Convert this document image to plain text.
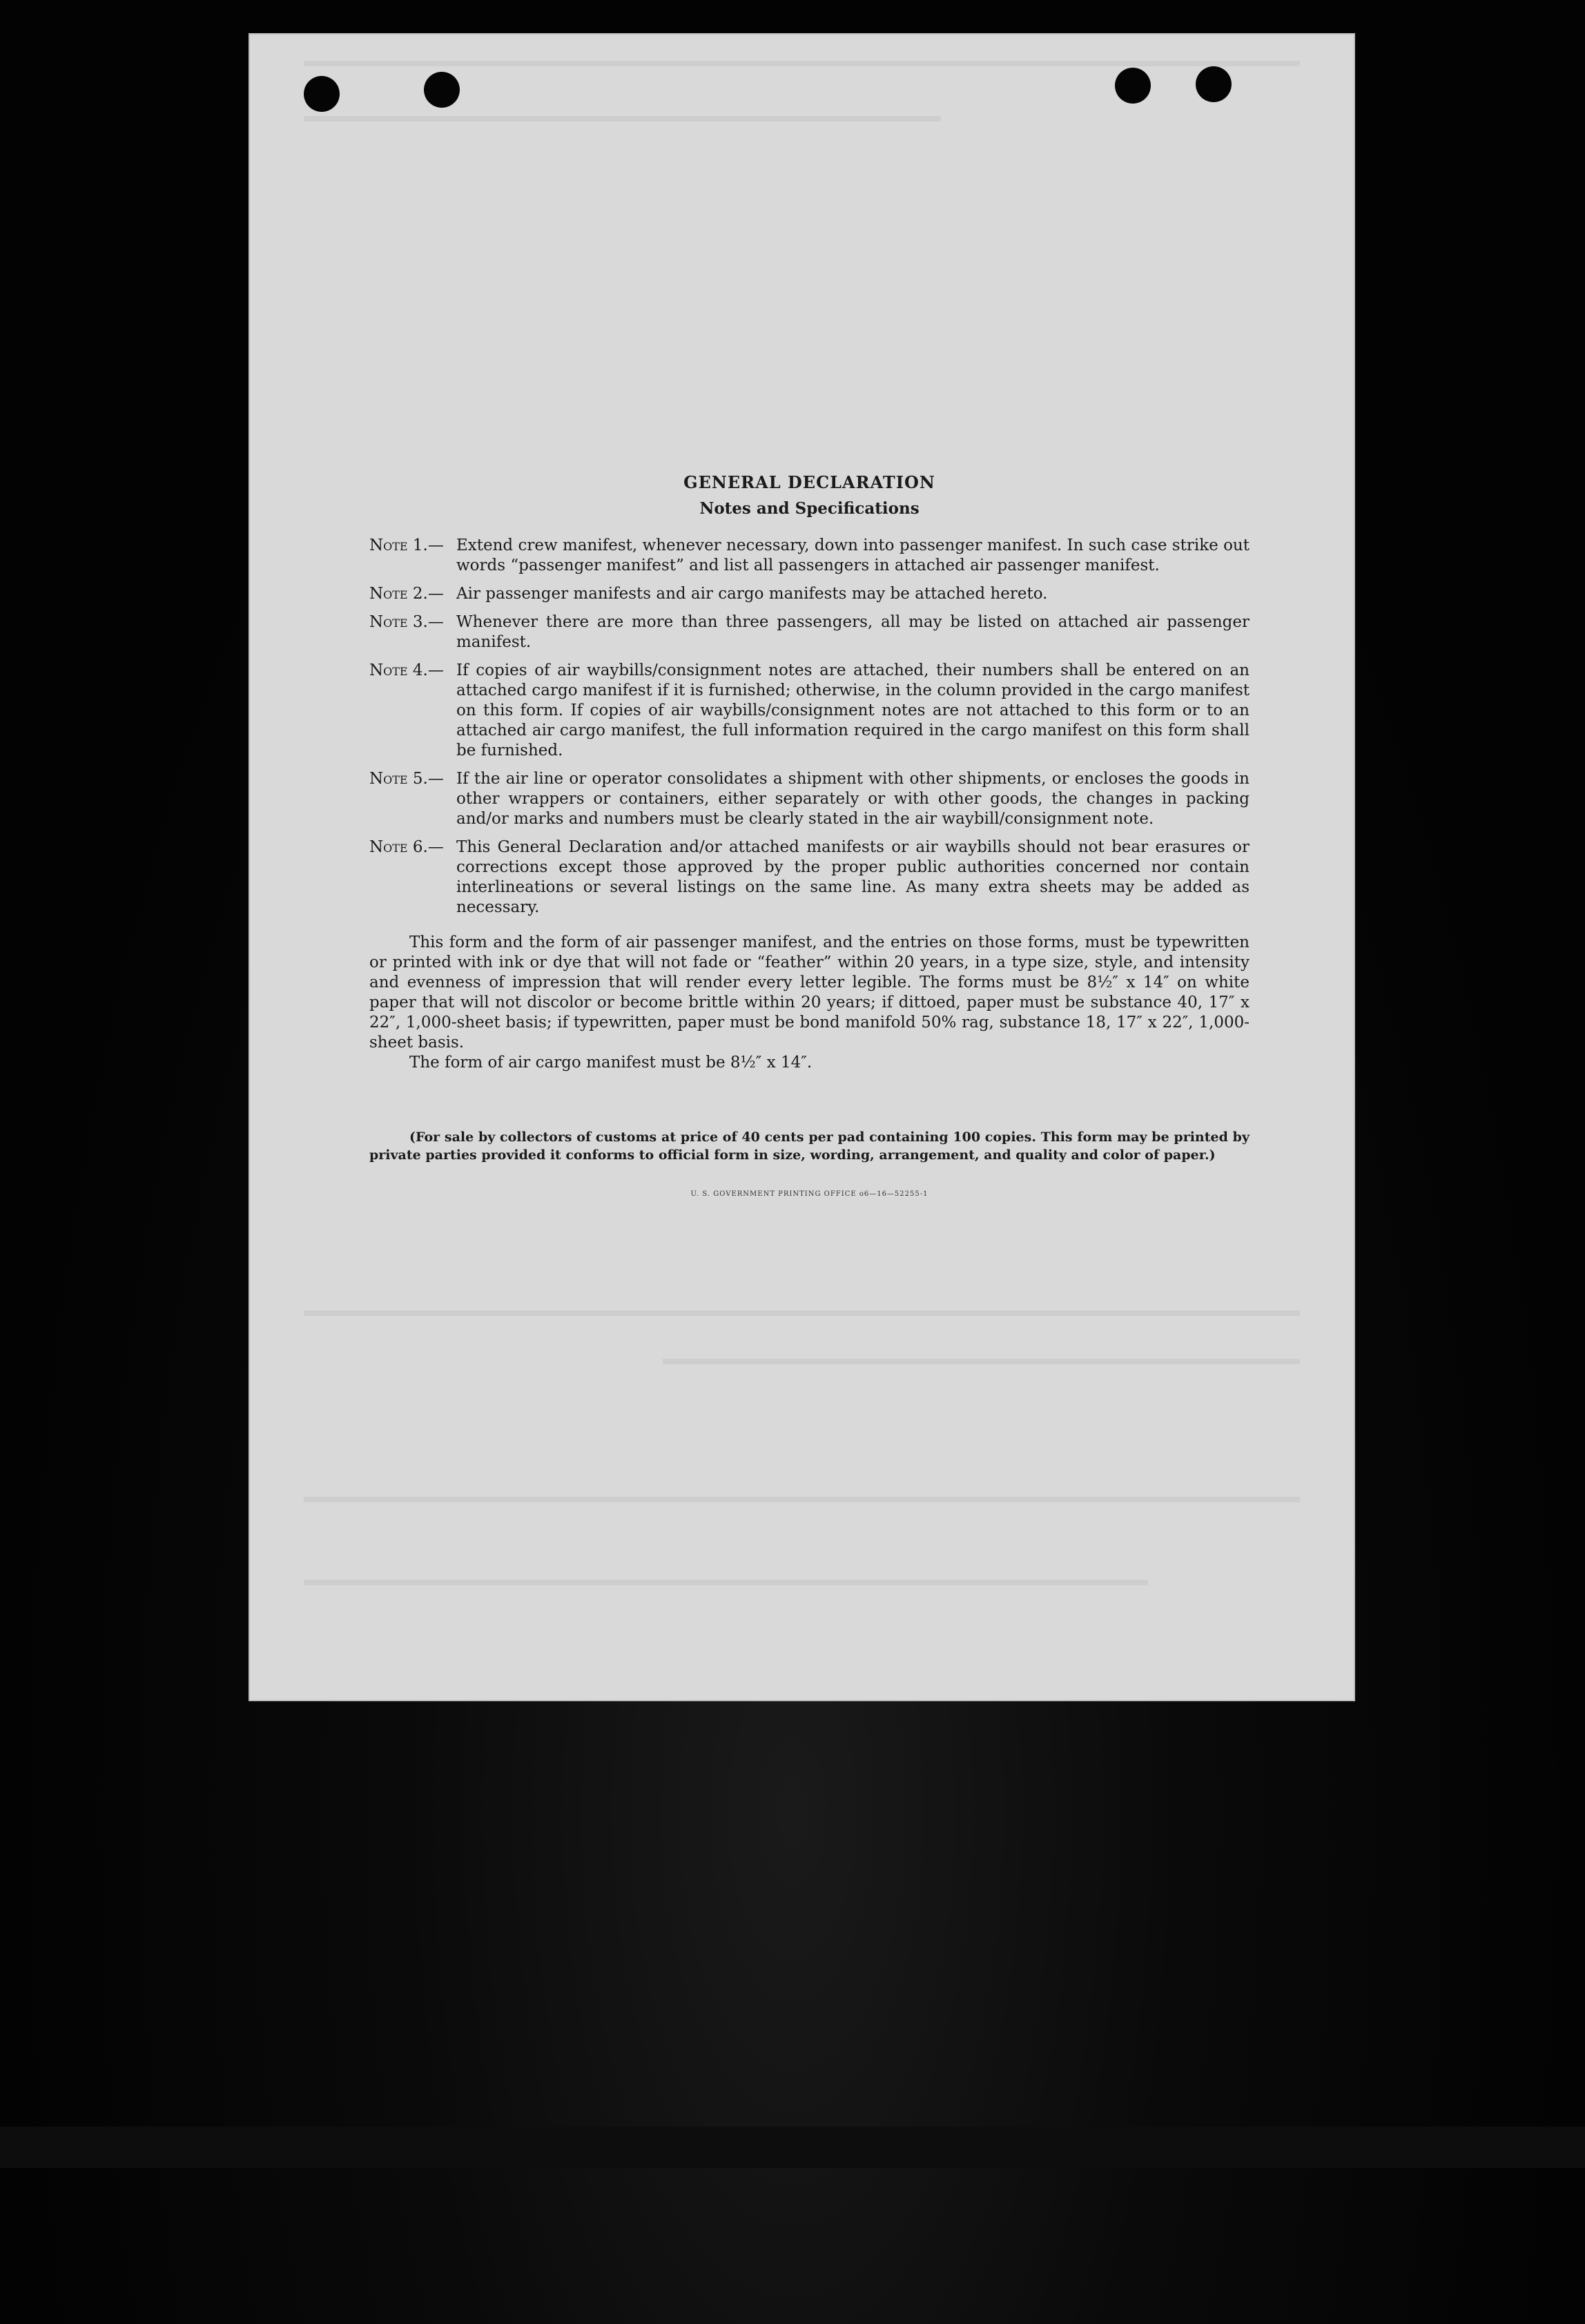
GENERAL DECLARATION

Notes and Specifications

Note 1.— Extend crew manifest, whenever necessary, down into passenger manifest. In such case strike out words “passenger manifest” and list all passengers in attached air passenger manifest.
Note 2.— Air passenger manifests and air cargo manifests may be attached hereto.
Note 3.— Whenever there are more than three passengers, all may be listed on attached air passenger manifest.
Note 4.— If copies of air waybills/consignment notes are attached, their numbers shall be entered on an attached cargo manifest if it is furnished; otherwise, in the column provided in the cargo manifest on this form. If copies of air waybills/consignment notes are not attached to this form or to an attached air cargo manifest, the full information required in the cargo manifest on this form shall be furnished.
Note 5.— If the air line or operator consolidates a shipment with other shipments, or encloses the goods in other wrappers or containers, either separately or with other goods, the changes in packing and/or marks and numbers must be clearly stated in the air waybill/consignment note.
Note 6.— This General Declaration and/or attached manifests or air waybills should not bear erasures or corrections except those approved by the proper public authorities concerned nor contain interlineations or several listings on the same line. As many extra sheets may be added as necessary.

This form and the form of air passenger manifest, and the entries on those forms, must be typewritten or printed with ink or dye that will not fade or “feather” within 20 years, in a type size, style, and intensity and evenness of impression that will render every letter legible. The forms must be 8½″ x 14″ on white paper that will not discolor or become brittle within 20 years; if dittoed, paper must be substance 40, 17″ x 22″, 1,000-sheet basis; if typewritten, paper must be bond manifold 50% rag, substance 18, 17″ x 22″, 1,000-sheet basis.

The form of air cargo manifest must be 8½″ x 14″.

(For sale by collectors of customs at price of 40 cents per pad containing 100 copies. This form may be printed by private parties provided it conforms to official form in size, wording, arrangement, and quality and color of paper.)

U. S. GOVERNMENT PRINTING OFFICE o6—16—52255-1
